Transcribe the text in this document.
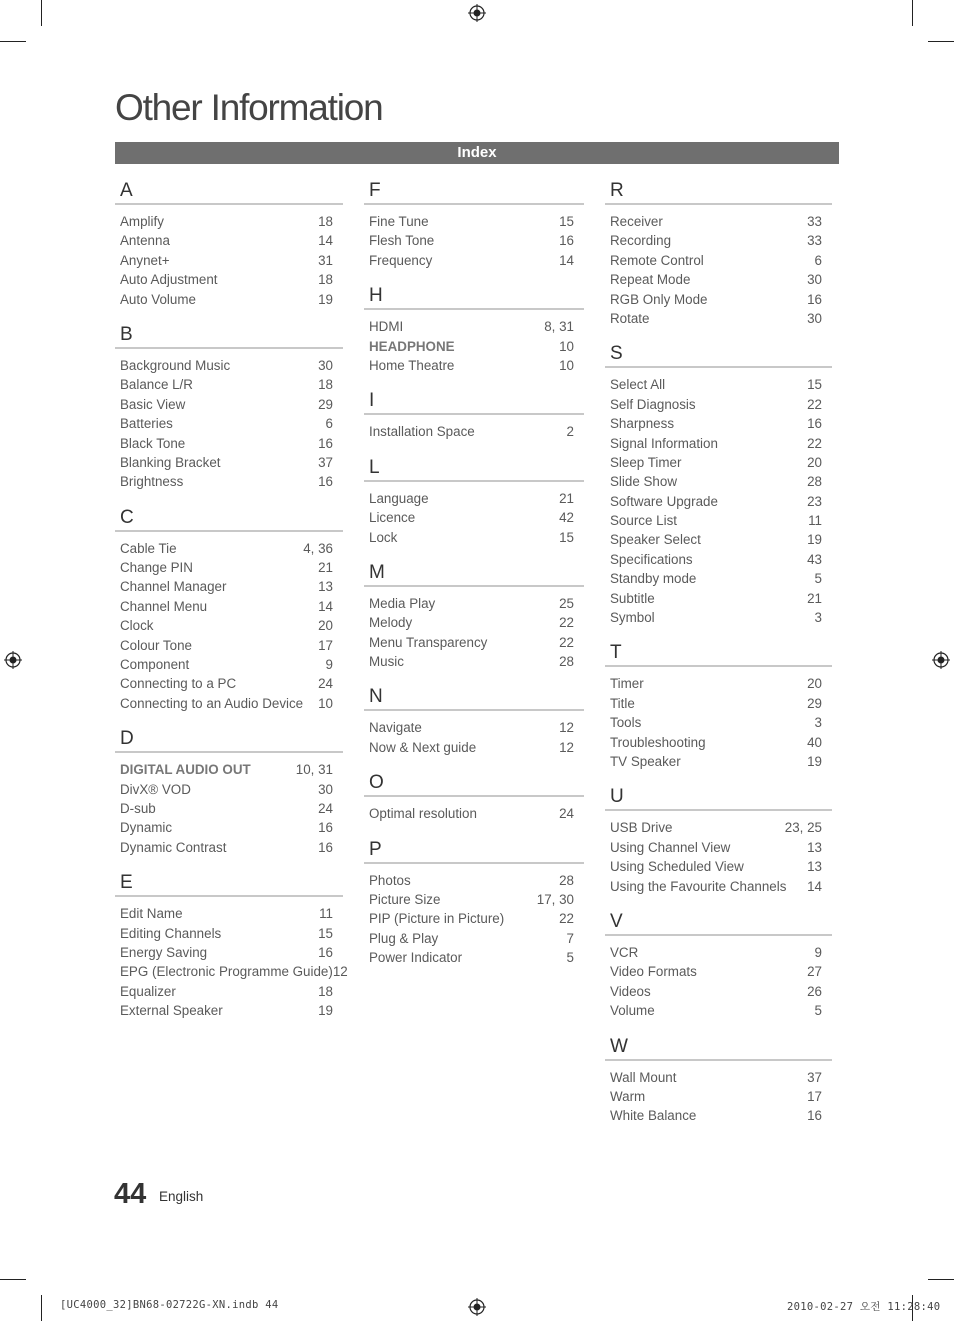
Other Information
Index
A
Amplify	18
Antenna	14
Anynet+	31
Auto Adjustment	18
Auto Volume	19
B
Background Music	30
Balance L/R	18
Basic View	29
Batteries	6
Black Tone	16
Blanking Bracket	37
Brightness	16
C
Cable Tie	4, 36
Change PIN	21
Channel Manager	13
Channel Menu	14
Clock	20
Colour Tone	17
Component	9
Connecting to a PC	24
Connecting to an Audio Device 10
D
DIGITAL AUDIO OUT	10, 31
DivX® VOD	30
D-sub	24
Dynamic	16
Dynamic Contrast	16
E
Edit Name	11
Editing Channels	15
Energy Saving	16
EPG (Electronic Programme Guide) 12
Equalizer	18
External Speaker	19
F
Fine Tune	15
Flesh Tone	16
Frequency	14
H
HDMI	8, 31
HEADPHONE	10
Home Theatre	10
I
Installation Space	2
L
Language	21
Licence	42
Lock	15
M
Media Play	25
Melody	22
Menu Transparency	22
Music	28
N
Navigate	12
Now & Next guide	12
O
Optimal resolution	24
P
Photos	28
Picture Size	17, 30
PIP (Picture in Picture)	22
Plug & Play	7
Power Indicator	5
R
Receiver	33
Recording	33
Remote Control	6
Repeat Mode	30
RGB Only Mode	16
Rotate	30
S
Select All	15
Self Diagnosis	22
Sharpness	16
Signal Information	22
Sleep Timer	20
Slide Show	28
Software Upgrade	23
Source List	11
Speaker Select	19
Specifications	43
Standby mode	5
Subtitle	21
Symbol	3
T
Timer	20
Title	29
Tools	3
Troubleshooting	40
TV Speaker	19
U
USB Drive	23, 25
Using Channel View	13
Using Scheduled View	13
Using the Favourite Channels 14
V
VCR	9
Video Formats	27
Videos	26
Volume	5
W
Wall Mount	37
Warm	17
White Balance	16
44 English
[UC4000_32]BN68-02722G-XN.indb 44	2010-02-27 오전 11:28:40
